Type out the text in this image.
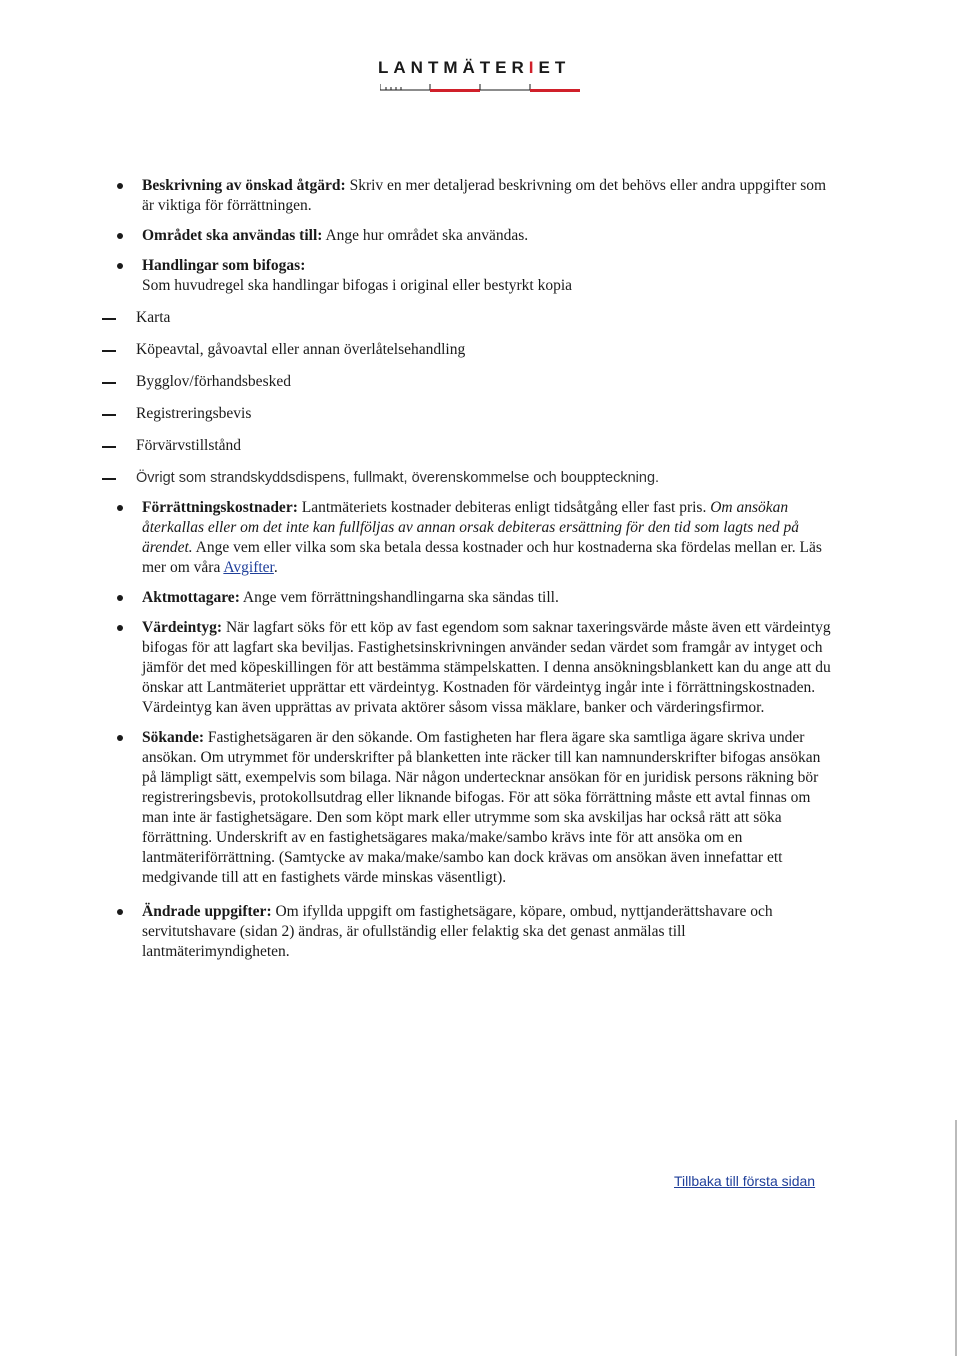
LANTMÄTERIET
Beskrivning av önskad åtgärd: Skriv en mer detaljerad beskrivning om det behövs eller andra uppgifter som är viktiga för förrättningen.
Området ska användas till: Ange hur området ska användas.
Handlingar som bifogas:
Som huvudregel ska handlingar bifogas i original eller bestyrkt kopia
Karta
Köpeavtal, gåvoavtal eller annan överlåtelsehandling
Bygglov/förhandsbesked
Registreringsbevis
Förvärvstillstånd
Övrigt som strandskyddsdispens, fullmakt, överenskommelse och bouppteckning.
Förrättningskostnader: Lantmäteriets kostnader debiteras enligt tidsåtgång eller fast pris. Om ansökan återkallas eller om det inte kan fullföljas av annan orsak debiteras ersättning för den tid som lagts ned på ärendet. Ange vem eller vilka som ska betala dessa kostnader och hur kostnaderna ska fördelas mellan er. Läs mer om våra Avgifter.
Aktmottagare: Ange vem förrättningshandlingarna ska sändas till.
Värdeintyg: När lagfart söks för ett köp av fast egendom som saknar taxeringsvärde måste även ett värdeintyg bifogas för att lagfart ska beviljas. Fastighetsinskrivningen använder sedan värdet som framgår av intyget och jämför det med köpeskillingen för att bestämma stämpelskatten. I denna ansökningsblankett kan du ange att du önskar att Lantmäteriet upprättar ett värdeintyg. Kostnaden för värdeintyg ingår inte i förrättningskostnaden. Värdeintyg kan även upprättas av privata aktörer såsom vissa mäklare, banker och värderingsfirmor.
Sökande: Fastighetsägaren är den sökande. Om fastigheten har flera ägare ska samtliga ägare skriva under ansökan. Om utrymmet för underskrifter på blanketten inte räcker till kan namnunderskrifter bifogas ansökan på lämpligt sätt, exempelvis som bilaga. När någon undertecknar ansökan för en juridisk persons räkning bör registreringsbevis, protokollsutdrag eller liknande bifogas. För att söka förrättning måste ett avtal finnas om man inte är fastighetsägare. Den som köpt mark eller utrymme som ska avskiljas har också rätt att söka förrättning. Underskrift av en fastighetsägares maka/make/sambo krävs inte för att ansöka om en lantmäteriförrättning. (Samtycke av maka/make/sambo kan dock krävas om ansökan även innefattar ett medgivande till att en fastighets värde minskas väsentligt).
Ändrade uppgifter: Om ifyllda uppgift om fastighetsägare, köpare, ombud, nyttjanderättshavare och servitutshavare (sidan 2) ändras, är ofullständig eller felaktig ska det genast anmälas till lantmäterimyndigheten.
Tillbaka till första sidan
